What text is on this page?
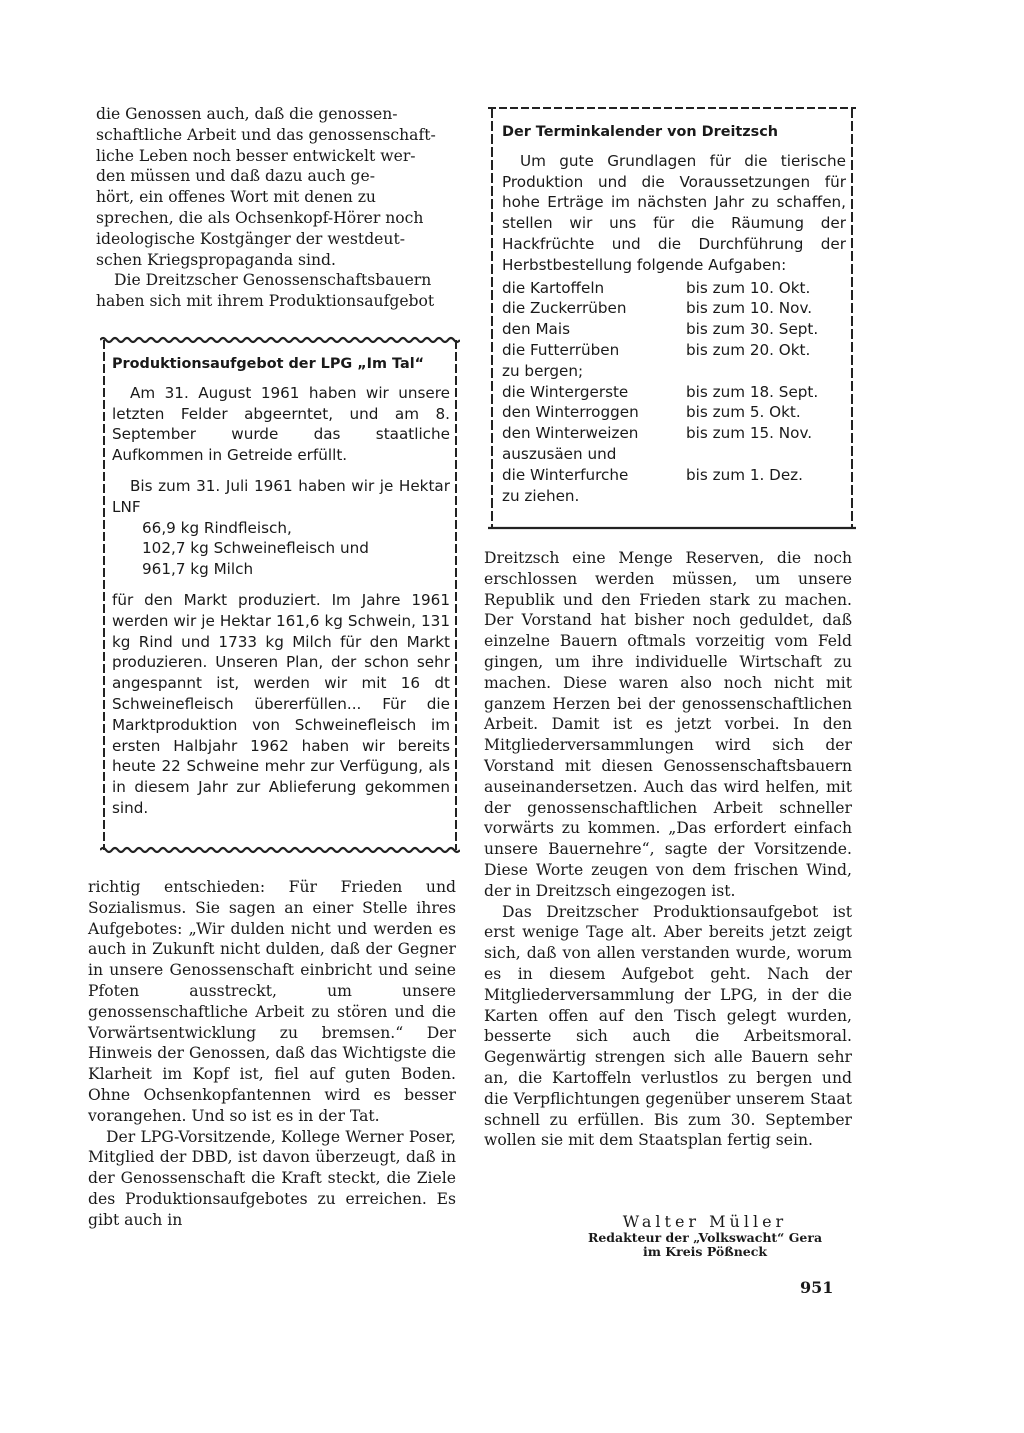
die Genossen auch, daß die genossen-
schaftliche Arbeit und das genossenschaft-
liche Leben noch besser entwickelt wer-
den müssen und daß dazu auch ge-
hört, ein offenes Wort mit denen zu
sprechen, die als Ochsenkopf-Hörer noch
ideologische Kostgänger der westdeut-
schen Kriegspropaganda sind.
Die Dreitzscher Genossenschaftsbauern
haben sich mit ihrem Produktionsaufgebot
Produktionsaufgebot der LPG „Im Tal“

Am 31. August 1961 haben wir unsere letzten Felder abgeerntet, und am 8. September wurde das staatliche Aufkommen in Getreide erfüllt.

Bis zum 31. Juli 1961 haben wir je Hektar LNF

66,9 kg Rindfleisch,
102,7 kg Schweinefleisch und
961,7 kg Milch

für den Markt produziert. Im Jahre 1961 werden wir je Hektar 161,6 kg Schwein, 131 kg Rind und 1733 kg Milch für den Markt produzieren. Unseren Plan, der schon sehr angespannt ist, werden wir mit 16 dt Schweinefleisch übererfüllen... Für die Marktproduktion von Schweinefleisch im ersten Halbjahr 1962 haben wir bereits heute 22 Schweine mehr zur Verfügung, als in diesem Jahr zur Ablieferung gekommen sind.

richtig entschieden: Für Frieden und Sozialismus. Sie sagen an einer Stelle ihres Aufgebotes: „Wir dulden nicht und werden es auch in Zukunft nicht dulden, daß der Gegner in unsere Genossenschaft einbricht und seine Pfoten ausstreckt, um unsere genossenschaftliche Arbeit zu stören und die Vorwärtsentwicklung zu bremsen.“ Der Hinweis der Genossen, daß das Wichtigste die Klarheit im Kopf ist, fiel auf guten Boden. Ohne Ochsenkopfantennen wird es besser vorangehen. Und so ist es in der Tat.

Der LPG-Vorsitzende, Kollege Werner Poser, Mitglied der DBD, ist davon überzeugt, daß in der Genossenschaft die Kraft steckt, die Ziele des Produktionsaufgebotes zu erreichen. Es gibt auch in

Der Terminkalender von Dreitzsch

Um gute Grundlagen für die tierische Produktion und die Voraussetzungen für hohe Erträge im nächsten Jahr zu schaffen, stellen wir uns für die Räumung der Hackfrüchte und die Durchführung der Herbstbestellung folgende Aufgaben:

die Kartoffeln	bis zum 10. Okt.
die Zuckerrüben	bis zum 10. Nov.
den Mais	bis zum 30. Sept.
die Futterrüben	bis zum 20. Okt.
zu bergen;	
die Wintergerste	bis zum 18. Sept.
den Winterroggen	bis zum 5. Okt.
den Winterweizen	bis zum 15. Nov.
auszusäen und	
die Winterfurche	bis zum 1. Dez.
zu ziehen.	

Dreitzsch eine Menge Reserven, die noch erschlossen werden müssen, um unsere Republik und den Frieden stark zu machen. Der Vorstand hat bisher noch geduldet, daß einzelne Bauern oftmals vorzeitig vom Feld gingen, um ihre individuelle Wirtschaft zu machen. Diese waren also noch nicht mit ganzem Herzen bei der genossenschaftlichen Arbeit. Damit ist es jetzt vorbei. In den Mitgliederversammlungen wird sich der Vorstand mit diesen Genossenschaftsbauern auseinandersetzen. Auch das wird helfen, mit der genossenschaftlichen Arbeit schneller vorwärts zu kommen. „Das erfordert einfach unsere Bauernehre“, sagte der Vorsitzende. Diese Worte zeugen von dem frischen Wind, der in Dreitzsch eingezogen ist.

Das Dreitzscher Produktionsaufgebot ist erst wenige Tage alt. Aber bereits jetzt zeigt sich, daß von allen verstanden wurde, worum es in diesem Aufgebot geht. Nach der Mitgliederversammlung der LPG, in der die Karten offen auf den Tisch gelegt wurden, besserte sich auch die Arbeitsmoral. Gegenwärtig strengen sich alle Bauern sehr an, die Kartoffeln verlustlos zu bergen und die Verpflichtungen gegenüber unserem Staat schnell zu erfüllen. Bis zum 30. September wollen sie mit dem Staatsplan fertig sein.

Walter Müller
Redakteur der „Volkswacht“ Gera
im Kreis Pößneck
951
